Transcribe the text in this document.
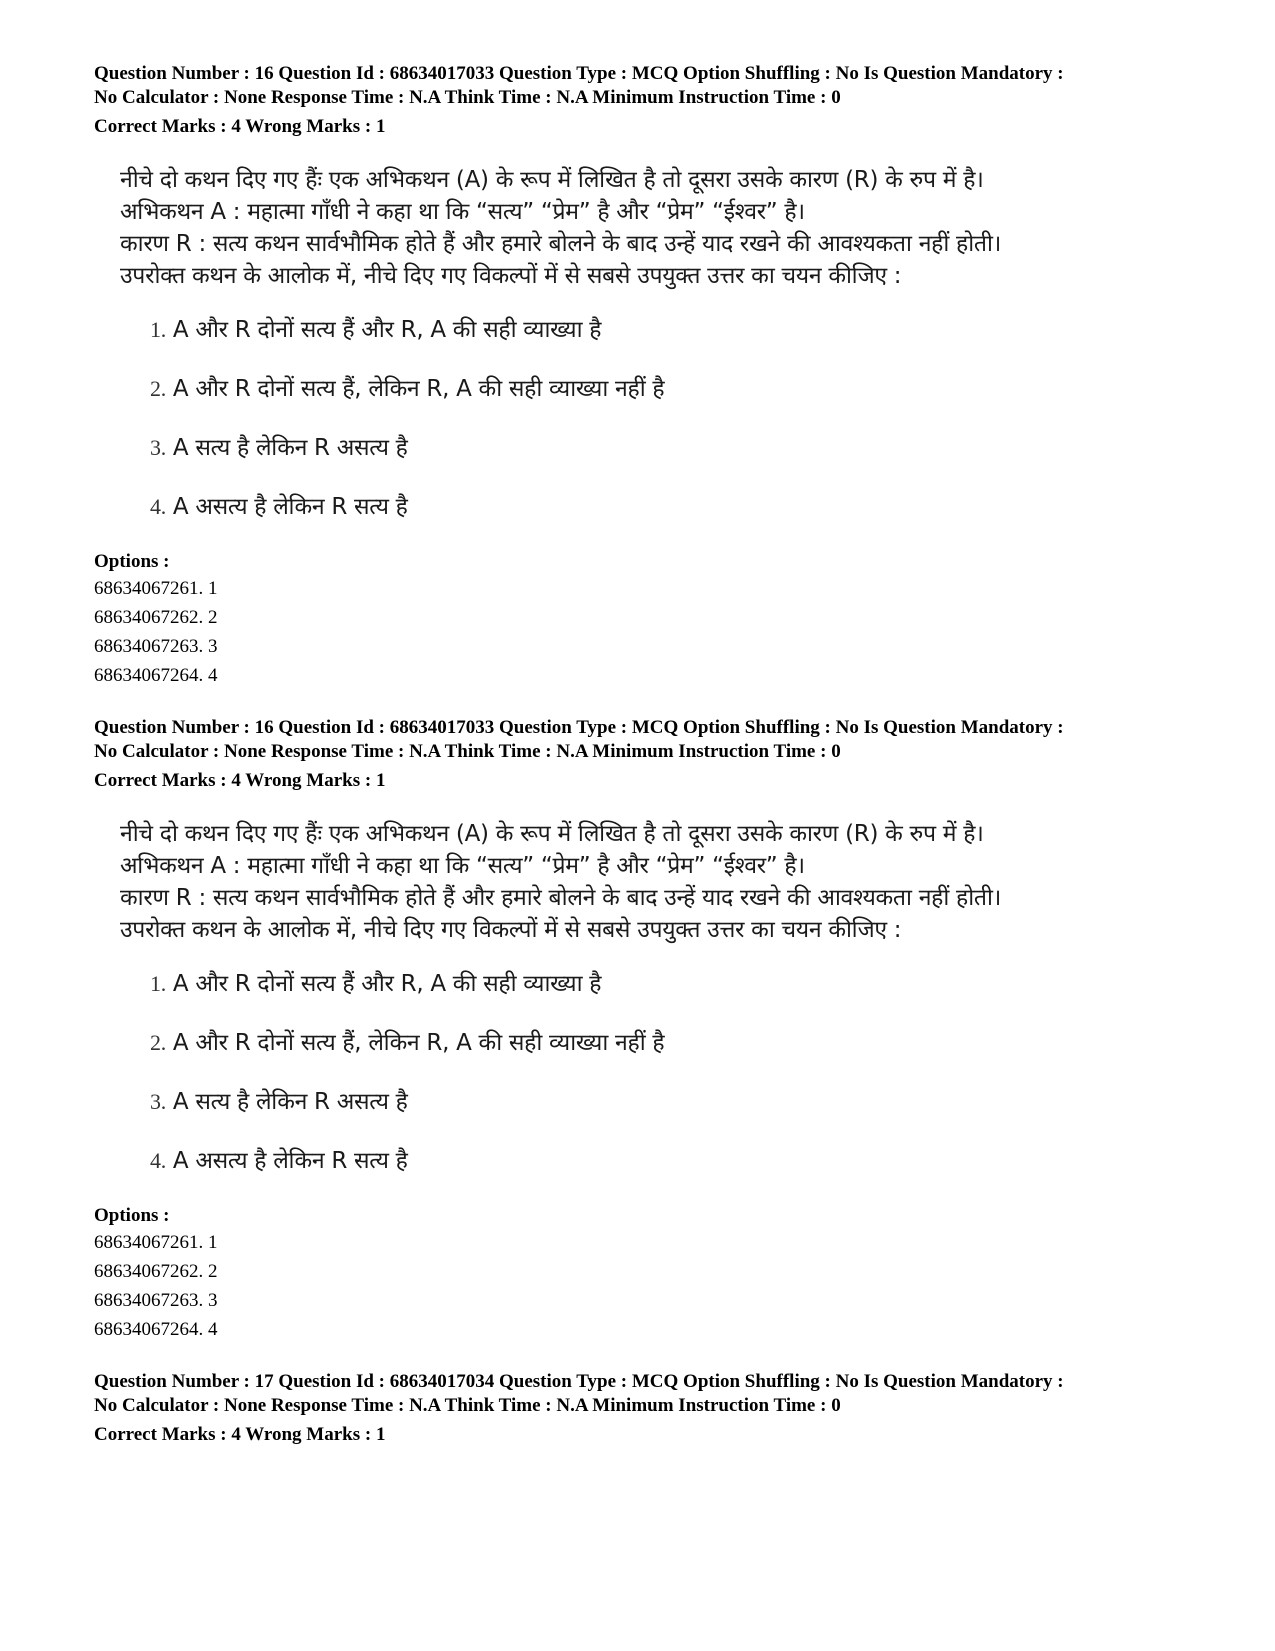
Question Number : 16 Question Id : 68634017033 Question Type : MCQ Option Shuffling : No Is Question Mandatory :
No Calculator : None Response Time : N.A Think Time : N.A Minimum Instruction Time : 0
Correct Marks : 4 Wrong Marks : 1
नीचे दो कथन दिए गए हैंः एक अभिकथन (A) के रूप में लिखित है तो दूसरा उसके कारण (R) के रुप में है।
अभिकथन A : महात्मा गाँधी ने कहा था कि “सत्य” “प्रेम” है और “प्रेम” “ईश्वर” है।
कारण R : सत्य कथन सार्वभौमिक होते हैं और हमारे बोलने के बाद उन्हें याद रखने की आवश्यकता नहीं होती।
उपरोक्त कथन के आलोक में, नीचे दिए गए विकल्पों में से सबसे उपयुक्त उत्तर का चयन कीजिए :
1. A और R दोनों सत्य हैं और R, A की सही व्याख्या है
2. A और R दोनों सत्य हैं, लेकिन R, A की सही व्याख्या नहीं है
3. A सत्य है लेकिन R असत्य है
4. A असत्य है लेकिन R सत्य है
Options :
68634067261. 1
68634067262. 2
68634067263. 3
68634067264. 4
Question Number : 16 Question Id : 68634017033 Question Type : MCQ Option Shuffling : No Is Question Mandatory :
No Calculator : None Response Time : N.A Think Time : N.A Minimum Instruction Time : 0
Correct Marks : 4 Wrong Marks : 1
नीचे दो कथन दिए गए हैंः एक अभिकथन (A) के रूप में लिखित है तो दूसरा उसके कारण (R) के रुप में है।
अभिकथन A : महात्मा गाँधी ने कहा था कि “सत्य” “प्रेम” है और “प्रेम” “ईश्वर” है।
कारण R : सत्य कथन सार्वभौमिक होते हैं और हमारे बोलने के बाद उन्हें याद रखने की आवश्यकता नहीं होती।
उपरोक्त कथन के आलोक में, नीचे दिए गए विकल्पों में से सबसे उपयुक्त उत्तर का चयन कीजिए :
1. A और R दोनों सत्य हैं और R, A की सही व्याख्या है
2. A और R दोनों सत्य हैं, लेकिन R, A की सही व्याख्या नहीं है
3. A सत्य है लेकिन R असत्य है
4. A असत्य है लेकिन R सत्य है
Options :
68634067261. 1
68634067262. 2
68634067263. 3
68634067264. 4
Question Number : 17 Question Id : 68634017034 Question Type : MCQ Option Shuffling : No Is Question Mandatory :
No Calculator : None Response Time : N.A Think Time : N.A Minimum Instruction Time : 0
Correct Marks : 4 Wrong Marks : 1
